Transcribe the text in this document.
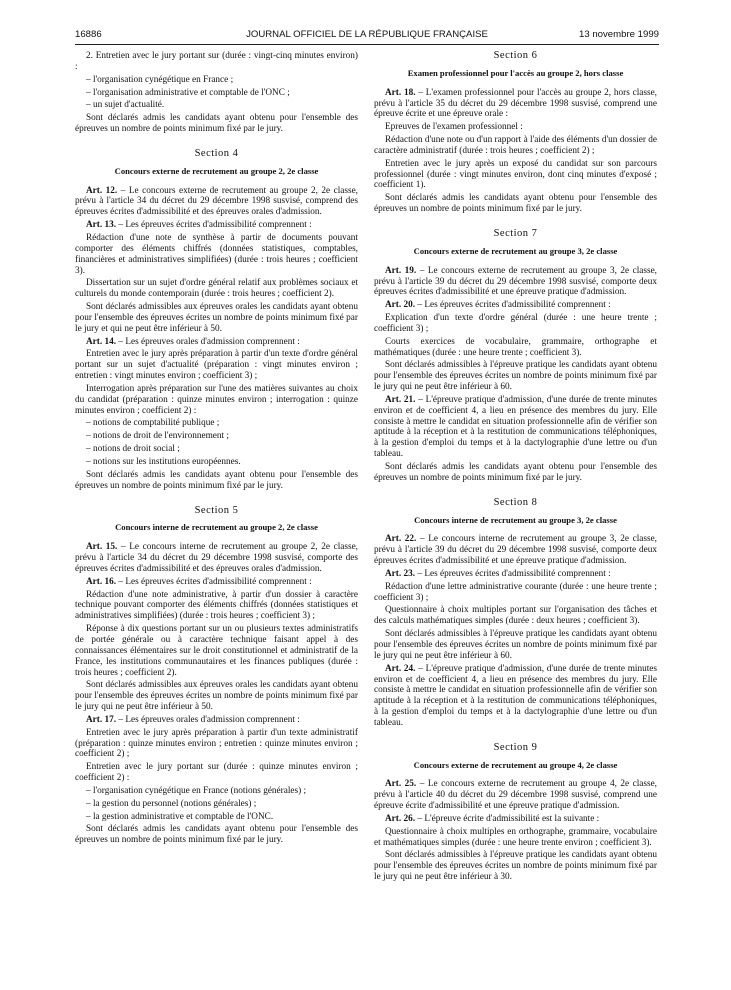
16886	JOURNAL OFFICIEL DE LA RÉPUBLIQUE FRANÇAISE	13 novembre 1999

2. Entretien avec le jury portant sur (durée : vingt-cinq minutes environ) :

– l'organisation cynégétique en France ;

– l'organisation administrative et comptable de l'ONC ;

– un sujet d'actualité.

Sont déclarés admis les candidats ayant obtenu pour l'ensemble des épreuves un nombre de points minimum fixé par le jury.

Section 4
Concours externe de recrutement au groupe 2, 2e classe

Art. 12. – Le concours externe de recrutement au groupe 2, 2e classe, prévu à l'article 34 du décret du 29 décembre 1998 susvisé, comprend des épreuves écrites d'admissibilité et des épreuves orales d'admission.

Art. 13. – Les épreuves écrites d'admissibilité comprennent :

Rédaction d'une note de synthèse à partir de documents pouvant comporter des éléments chiffrés (données statistiques, comptables, financières et administratives simplifiées) (durée : trois heures ; coefficient 3).

Dissertation sur un sujet d'ordre général relatif aux problèmes sociaux et culturels du monde contemporain (durée : trois heures ; coefficient 2).

Sont déclarés admissibles aux épreuves orales les candidats ayant obtenu pour l'ensemble des épreuves écrites un nombre de points minimum fixé par le jury et qui ne peut être inférieur à 50.

Art. 14. – Les épreuves orales d'admission comprennent :

Entretien avec le jury après préparation à partir d'un texte d'ordre général portant sur un sujet d'actualité (préparation : vingt minutes environ ; entretien : vingt minutes environ ; coefficient 3) ;

Interrogation après préparation sur l'une des matières suivantes au choix du candidat (préparation : quinze minutes environ ; interrogation : quinze minutes environ ; coefficient 2) :

– notions de comptabilité publique ;

– notions de droit de l'environnement ;

– notions de droit social ;

– notions sur les institutions européennes.

Sont déclarés admis les candidats ayant obtenu pour l'ensemble des épreuves un nombre de points minimum fixé par le jury.

Section 5
Concours interne de recrutement au groupe 2, 2e classe

Art. 15. – Le concours interne de recrutement au groupe 2, 2e classe, prévu à l'article 34 du décret du 29 décembre 1998 susvisé, comporte des épreuves écrites d'admissibilité et des épreuves orales d'admission.

Art. 16. – Les épreuves écrites d'admissibilité comprennent :

Rédaction d'une note administrative, à partir d'un dossier à caractère technique pouvant comporter des éléments chiffrés (données statistiques et administratives simplifiées) (durée : trois heures ; coefficient 3) ;

Réponse à dix questions portant sur un ou plusieurs textes administratifs de portée générale ou à caractère technique faisant appel à des connaissances élémentaires sur le droit constitutionnel et administratif de la France, les institutions communautaires et les finances publiques (durée : trois heures ; coefficient 2).

Sont déclarés admissibles aux épreuves orales les candidats ayant obtenu pour l'ensemble des épreuves écrites un nombre de points minimum fixé par le jury qui ne peut être inférieur à 50.

Art. 17. – Les épreuves orales d'admission comprennent :

Entretien avec le jury après préparation à partir d'un texte administratif (préparation : quinze minutes environ ; entretien : quinze minutes environ ; coefficient 2) ;

Entretien avec le jury portant sur (durée : quinze minutes environ ; coefficient 2) :

– l'organisation cynégétique en France (notions générales) ;

– la gestion du personnel (notions générales) ;

– la gestion administrative et comptable de l'ONC.

Sont déclarés admis les candidats ayant obtenu pour l'ensemble des épreuves un nombre de points minimum fixé par le jury.

Section 6
Examen professionnel pour l'accès au groupe 2, hors classe

Art. 18. – L'examen professionnel pour l'accès au groupe 2, hors classe, prévu à l'article 35 du décret du 29 décembre 1998 susvisé, comprend une épreuve écrite et une épreuve orale :

Epreuves de l'examen professionnel :

Rédaction d'une note ou d'un rapport à l'aide des éléments d'un dossier de caractère administratif (durée : trois heures ; coefficient 2) ;

Entretien avec le jury après un exposé du candidat sur son parcours professionnel (durée : vingt minutes environ, dont cinq minutes d'exposé ; coefficient 1).

Sont déclarés admis les candidats ayant obtenu pour l'ensemble des épreuves un nombre de points minimum fixé par le jury.

Section 7
Concours externe de recrutement au groupe 3, 2e classe

Art. 19. – Le concours externe de recrutement au groupe 3, 2e classe, prévu à l'article 39 du décret du 29 décembre 1998 susvisé, comporte deux épreuves écrites d'admissibilité et une épreuve pratique d'admission.

Art. 20. – Les épreuves écrites d'admissibilité comprennent :

Explication d'un texte d'ordre général (durée : une heure trente ; coefficient 3) ;

Courts exercices de vocabulaire, grammaire, orthographe et mathématiques (durée : une heure trente ; coefficient 3).

Sont déclarés admissibles à l'épreuve pratique les candidats ayant obtenu pour l'ensemble des épreuves écrites un nombre de points minimum fixé par le jury qui ne peut être inférieur à 60.

Art. 21. – L'épreuve pratique d'admission, d'une durée de trente minutes environ et de coefficient 4, a lieu en présence des membres du jury. Elle consiste à mettre le candidat en situation professionnelle afin de vérifier son aptitude à la réception et à la restitution de communications téléphoniques, à la gestion d'emploi du temps et à la dactylographie d'une lettre ou d'un tableau.

Sont déclarés admis les candidats ayant obtenu pour l'ensemble des épreuves un nombre de points minimum fixé par le jury.

Section 8
Concours interne de recrutement au groupe 3, 2e classe

Art. 22. – Le concours interne de recrutement au groupe 3, 2e classe, prévu à l'article 39 du décret du 29 décembre 1998 susvisé, comporte deux épreuves écrites d'admissibilité et une épreuve pratique d'admission.

Art. 23. – Les épreuves écrites d'admissibilité comprennent :

Rédaction d'une lettre administrative courante (durée : une heure trente ; coefficient 3) ;

Questionnaire à choix multiples portant sur l'organisation des tâches et des calculs mathématiques simples (durée : deux heures ; coefficient 3).

Sont déclarés admissibles à l'épreuve pratique les candidats ayant obtenu pour l'ensemble des épreuves écrites un nombre de points minimum fixé par le jury qui ne peut être inférieur à 60.

Art. 24. – L'épreuve pratique d'admission, d'une durée de trente minutes environ et de coefficient 4, a lieu en présence des membres du jury. Elle consiste à mettre le candidat en situation professionnelle afin de vérifier son aptitude à la réception et à la restitution de communications téléphoniques, à la gestion d'emploi du temps et à la dactylographie d'une lettre ou d'un tableau.

Section 9
Concours externe de recrutement au groupe 4, 2e classe

Art. 25. – Le concours externe de recrutement au groupe 4, 2e classe, prévu à l'article 40 du décret du 29 décembre 1998 susvisé, comprend une épreuve écrite d'admissibilité et une épreuve pratique d'admission.

Art. 26. – L'épreuve écrite d'admissibilité est la suivante :

Questionnaire à choix multiples en orthographe, grammaire, vocabulaire et mathématiques simples (durée : une heure trente environ ; coefficient 3).

Sont déclarés admissibles à l'épreuve pratique les candidats ayant obtenu pour l'ensemble des épreuves écrites un nombre de points minimum fixé par le jury qui ne peut être inférieur à 30.
